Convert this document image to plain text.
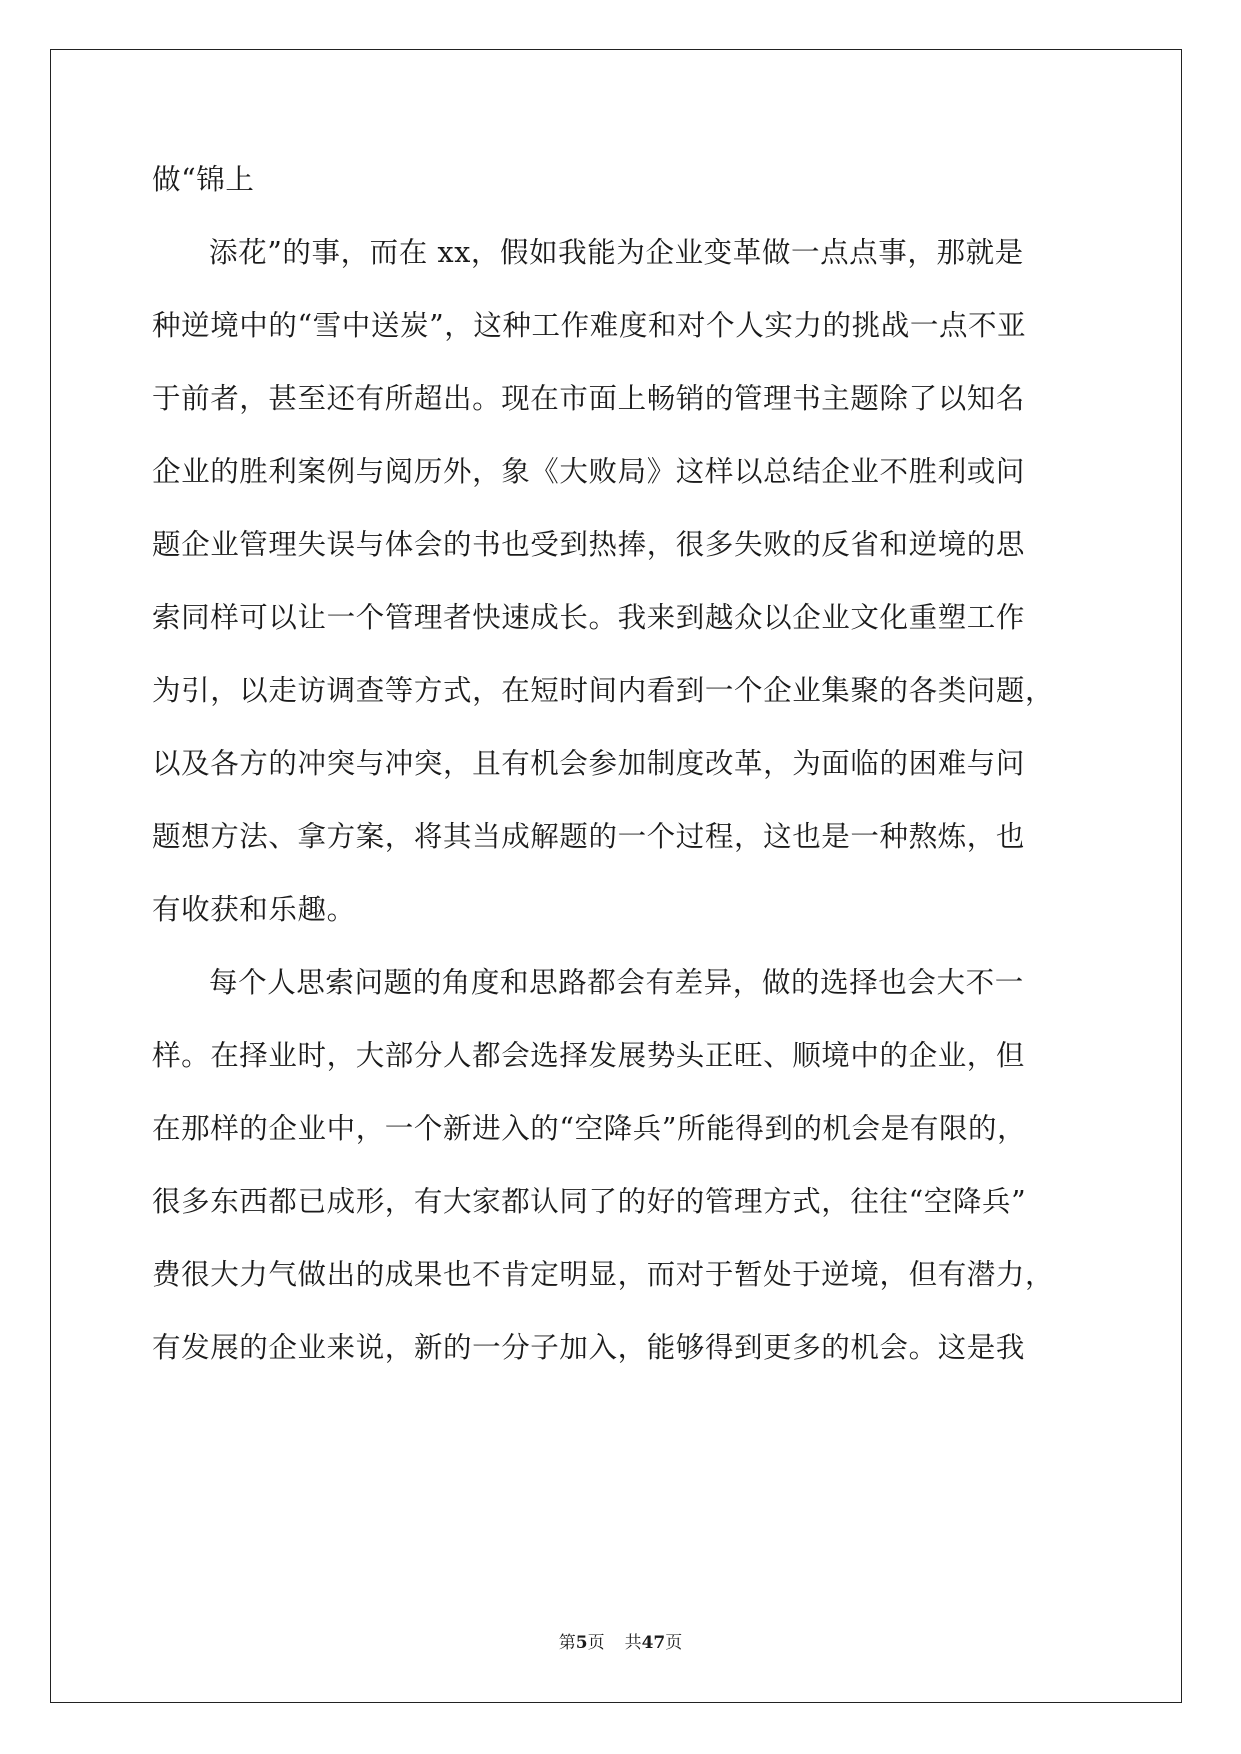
做“锦上
添花”的事，而在 xx，假如我能为企业变革做一点点事，那就是
种逆境中的“雪中送炭”，这种工作难度和对个人实力的挑战一点不亚
于前者，甚至还有所超出。现在市面上畅销的管理书主题除了以知名
企业的胜利案例与阅历外，象《大败局》这样以总结企业不胜利或问
题企业管理失误与体会的书也受到热捧，很多失败的反省和逆境的思
索同样可以让一个管理者快速成长。我来到越众以企业文化重塑工作
为引，以走访调查等方式，在短时间内看到一个企业集聚的各类问题，
以及各方的冲突与冲突，且有机会参加制度改革，为面临的困难与问
题想方法、拿方案，将其当成解题的一个过程，这也是一种熬炼，也
有收获和乐趣。
每个人思索问题的角度和思路都会有差异，做的选择也会大不一
样。在择业时，大部分人都会选择发展势头正旺、顺境中的企业，但
在那样的企业中，一个新进入的“空降兵”所能得到的机会是有限的，
很多东西都已成形，有大家都认同了的好的管理方式，往往“空降兵”
费很大力气做出的成果也不肯定明显，而对于暂处于逆境，但有潜力，
有发展的企业来说，新的一分子加入，能够得到更多的机会。这是我
第5页 共47页
